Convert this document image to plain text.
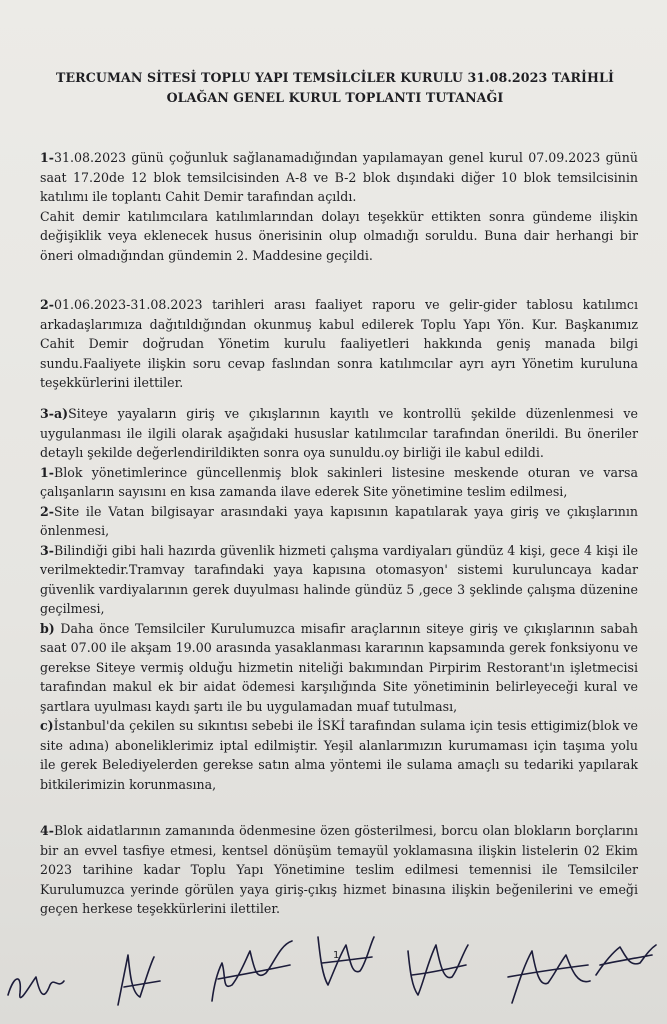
TERCUMAN SİTESİ TOPLU YAPI TEMSİLCİLER KURULU 31.08.2023 TARİHLİ
OLAĞAN GENEL KURUL TOPLANTI TUTANAĞI

1-31.08.2023 günü çoğunluk sağlanamadığından yapılamayan genel kurul 07.09.2023 günü saat 17.20de 12 blok temsilcisinden A-8 ve B-2 blok dışındaki diğer 10 blok temsilcisinin katılımı ile toplantı Cahit Demir tarafından açıldı.

Cahit demir katılımcılara katılımlarından dolayı teşekkür ettikten sonra gündeme ilişkin değişiklik veya eklenecek husus önerisinin olup olmadığı soruldu. Buna dair herhangi bir öneri olmadığından gündemin 2. Maddesine geçildi.

2-01.06.2023-31.08.2023 tarihleri arası faaliyet raporu ve gelir-gider tablosu katılımcı arkadaşlarımıza dağıtıldığından okunmuş kabul edilerek Toplu Yapı Yön. Kur. Başkanımız Cahit Demir doğrudan Yönetim kurulu faaliyetleri hakkında geniş manada bilgi sundu.Faaliyete ilişkin soru cevap faslından sonra katılımcılar ayrı ayrı Yönetim kuruluna teşekkürlerini ilettiler.

3-a)Siteye yayaların giriş ve çıkışlarının kayıtlı ve kontrollü şekilde düzenlenmesi ve uygulanması ile ilgili olarak aşağıdaki hususlar katılımcılar tarafından önerildi. Bu öneriler detaylı şekilde değerlendirildikten sonra oya sunuldu.oy birliği ile kabul edildi.

1-Blok yönetimlerince güncellenmiş blok sakinleri listesine meskende oturan ve varsa çalışanların sayısını en kısa zamanda ilave ederek Site yönetimine teslim edilmesi,

2-Site ile Vatan bilgisayar arasındaki yaya kapısının kapatılarak yaya giriş ve çıkışlarının önlenmesi,

3-Bilindiği gibi hali hazırda güvenlik hizmeti çalışma vardiyaları gündüz 4 kişi, gece 4 kişi ile verilmektedir.Tramvay tarafındaki yaya kapısına otomasyon' sistemi kuruluncaya kadar güvenlik vardiyalarının gerek duyulması halinde gündüz 5 ,gece 3 şeklinde çalışma düzenine geçilmesi,

b) Daha önce Temsilciler Kurulumuzca misafir araçlarının siteye giriş ve çıkışlarının sabah saat 07.00 ile akşam 19.00 arasında yasaklanması kararının kapsamında gerek fonksiyonu ve gerekse Siteye vermiş olduğu hizmetin niteliği bakımından Pirpirim Restorant'ın işletmecisi tarafından makul ek bir aidat ödemesi karşılığında Site yönetiminin belirleyeceği kural ve şartlara uyulması kaydı şartı ile bu uygulamadan muaf tutulması,

c)İstanbul'da çekilen su sıkıntısı sebebi ile İSKİ tarafından sulama için tesis ettigimiz(blok ve site adına) aboneliklerimiz iptal edilmiştir. Yeşil alanlarımızın kurumaması için taşıma yolu ile gerek Belediyelerden gerekse satın alma yöntemi ile sulama amaçlı su tedariki yapılarak bitkilerimizin korunmasına,

4-Blok aidatlarının zamanında ödenmesine özen gösterilmesi, borcu olan blokların borçlarını bir an evvel tasfiye etmesi, kentsel dönüşüm temayül yoklamasına ilişkin listelerin 02 Ekim 2023 tarihine kadar Toplu Yapı Yönetimine teslim edilmesi temennisi ile Temsilciler Kurulumuzca yerinde görülen yaya giriş-çıkış hizmet binasına ilişkin beğenilerini ve emeği geçen herkese teşekkürlerini ilettiler.

1
